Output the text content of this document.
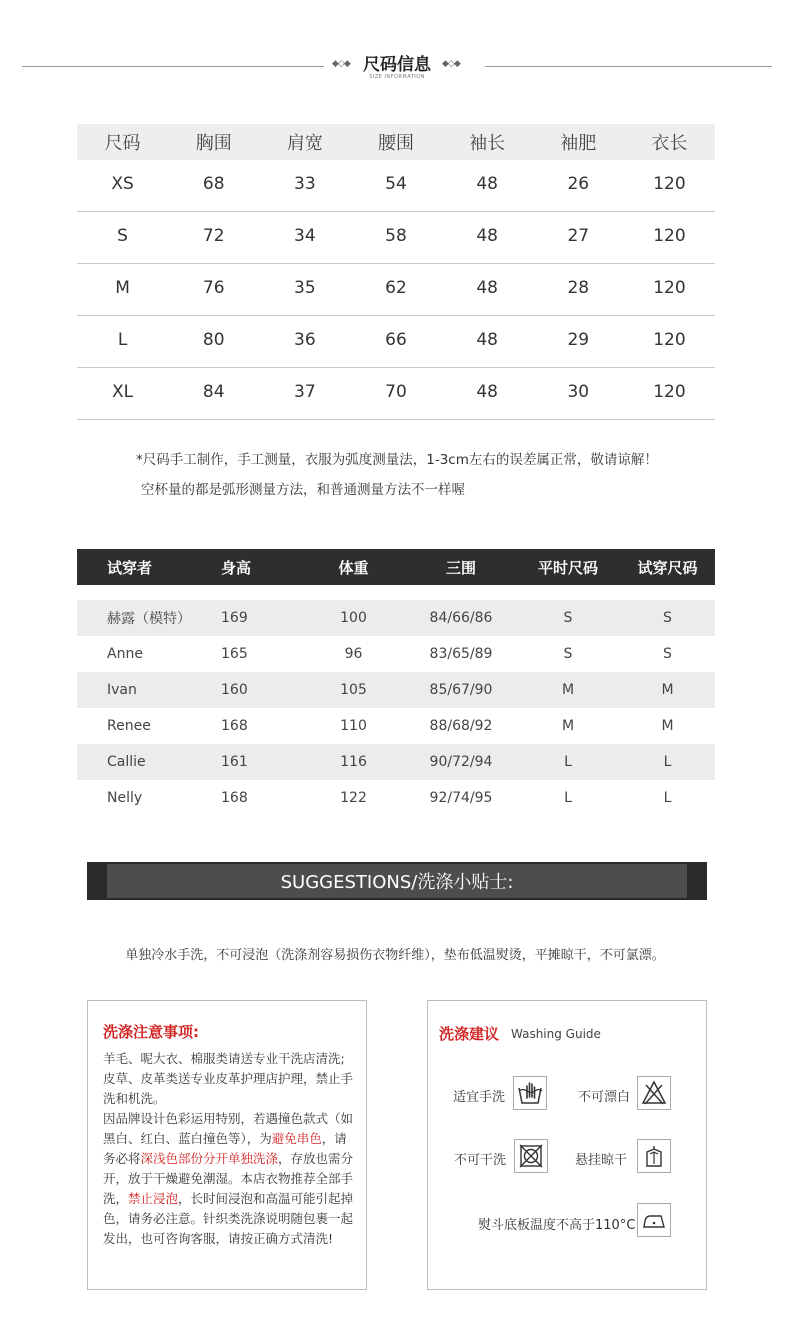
◆◇◆ 尺码信息	◆◇◆
SIZE INFORMATION
尺码	胸围	肩宽	腰围	袖长	袖肥	衣长
XS	68	33	54	48	26	120
S	72	34	58	48	27	120
M	76	35	62	48	28	120
L	80	36	66	48	29	120
XL	84	37	70	48	30	120
*尺码手工制作，手工测量，衣服为弧度测量法，1-3cm左右的误差属正常，敬请谅解！
空杯量的都是弧形测量方法，和普通测量方法不一样喔
试穿者	身高	体重	三围	平时尺码	试穿尺码
赫露（模特）	169	100	84/66/86	S	S
Anne	165	96	83/65/89	S	S
Ivan	160	105	85/67/90	M	M
Renee	168	110	88/68/92	M	M
Callie	161	116	90/72/94	L	L
Nelly	168	122	92/74/95	L	L
SUGGESTIONS/洗涤小贴士:
单独冷水手洗，不可浸泡（洗涤剂容易损伤衣物纤维），垫布低温熨烫，平摊晾干，不可氯漂。
洗涤注意事项:
羊毛、呢大衣、棉服类请送专业干洗店清洗;皮草、皮革类送专业皮革护理店护理，禁止手洗和机洗。
因品牌设计色彩运用特别，若遇撞色款式（如黑白、红白、蓝白撞色等），为避免串色，请务必将深浅色部份分开单独洗涤，存放也需分开，放于干燥避免潮湿。本店衣物推荐全部手洗，禁止浸泡，长时间浸泡和高温可能引起掉色，请务必注意。针织类洗涤说明随包裹一起发出，也可咨询客服，请按正确方式清洗!
洗涤建议 Washing Guide
适宜手洗	不可漂白
不可干洗	悬挂晾干
熨斗底板温度不高于110°C
